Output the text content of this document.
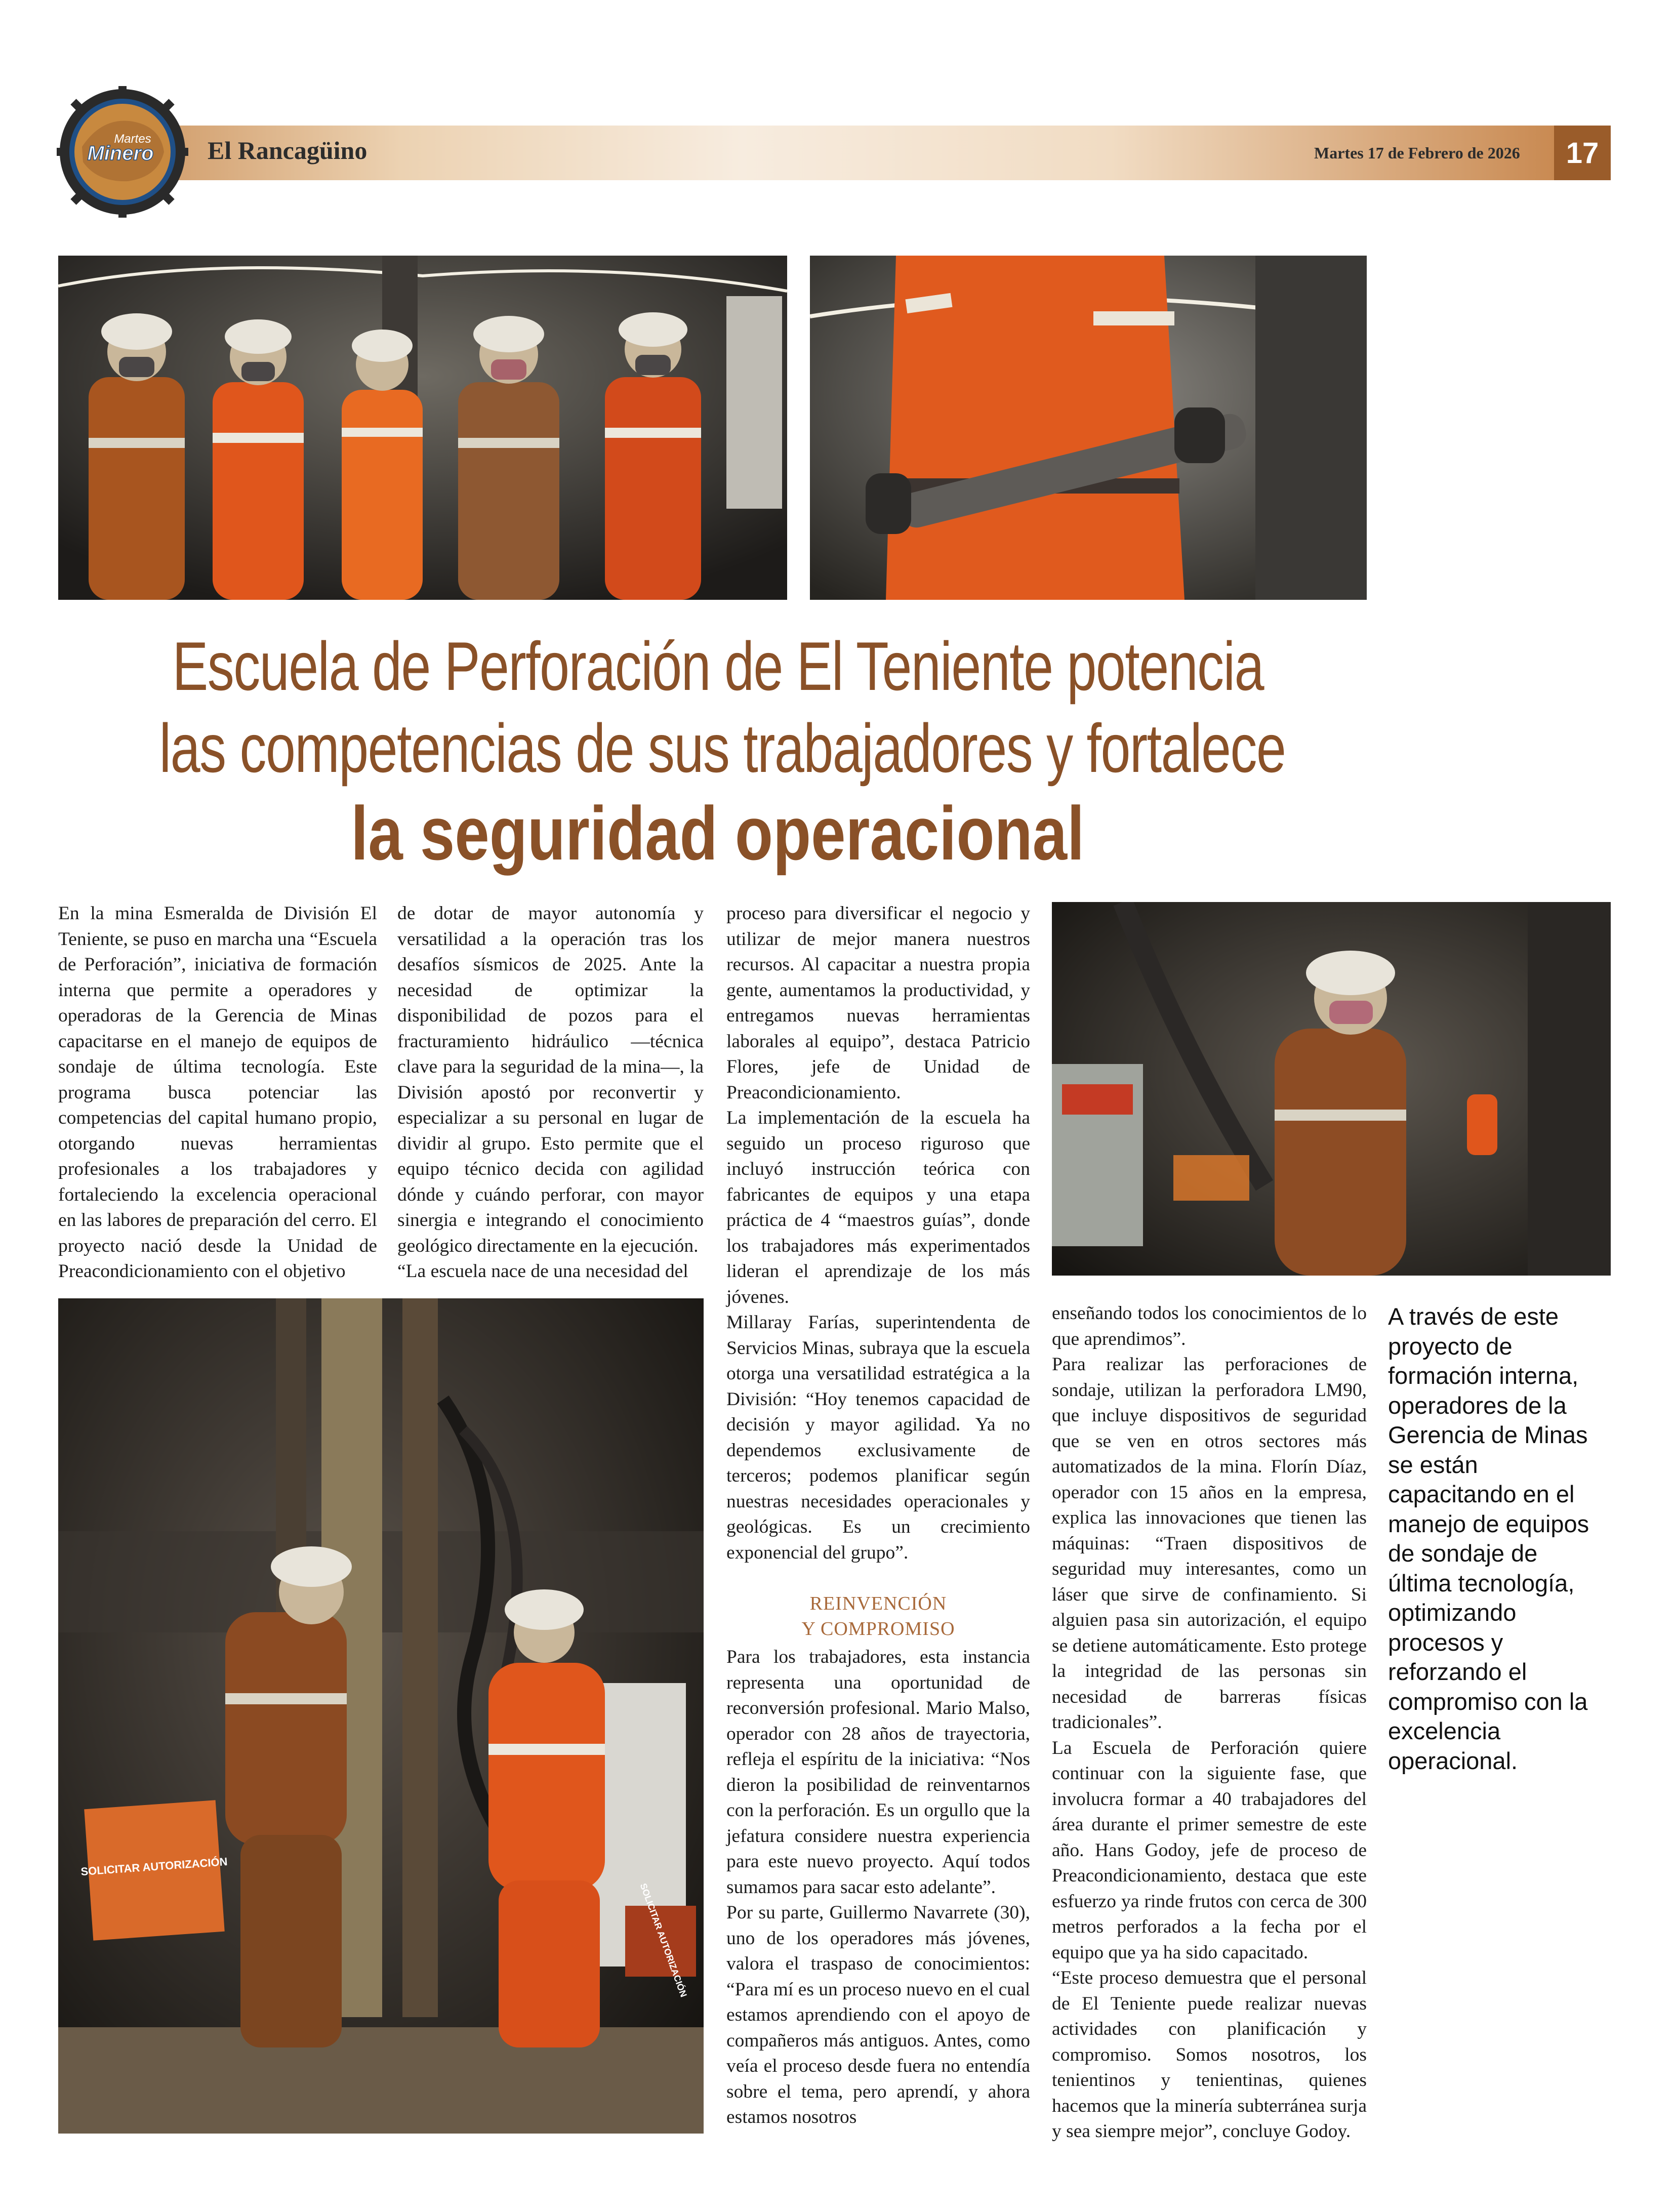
Martes
Minero El Rancagüino	Martes 17 de Febrero de 2026	17
Escuela de Perforación de El Teniente potencia
las competencias de sus trabajadores y fortalece
la seguridad operacional

En la mina Esmeralda de División El Teniente, se puso en marcha una “Escuela de Perforación”, iniciativa de formación interna que permite a operadores y operadoras de la Gerencia de Minas capacitarse en el manejo de equipos de sondaje de última tecnología. Este programa busca potenciar las competencias del capital humano propio, otorgando nuevas herramientas profesionales a los trabajadores y fortaleciendo la excelencia operacional en las labores de preparación del cerro. El proyecto nació desde la Unidad de Preacondicionamiento con el objetivo

de dotar de mayor autonomía y versatilidad a la operación tras los desafíos sísmicos de 2025. Ante la necesidad de optimizar la disponibilidad de pozos para el fracturamiento hidráulico —técnica clave para la seguridad de la mina—, la División apostó por reconvertir y especializar a su personal en lugar de dividir al grupo. Esto permite que el equipo técnico decida con agilidad dónde y cuándo perforar, con mayor sinergia e integrando el conocimiento geológico directamente en la ejecución.

“La escuela nace de una necesidad del

SOLICITAR AUTORIZACIÓN
SOLICITAR AUTORIZACIÓN

proceso para diversificar el negocio y utilizar de mejor manera nuestros recursos. Al capacitar a nuestra propia gente, aumentamos la productividad, y entregamos nuevas herramientas laborales al equipo”, destaca Patricio Flores, jefe de Unidad de Preacondicionamiento.

La implementación de la escuela ha seguido un proceso riguroso que incluyó instrucción teórica con fabricantes de equipos y una etapa práctica de 4 “maestros guías”, donde los trabajadores más experimentados lideran el aprendizaje de los más jóvenes.

Millaray Farías, superintendenta de Servicios Minas, subraya que la escuela otorga una versatilidad estratégica a la División: “Hoy tenemos capacidad de decisión y mayor agilidad. Ya no dependemos exclusivamente de terceros; podemos planificar según nuestras necesidades operacionales y geológicas. Es un crecimiento exponencial del grupo”.

REINVENCIÓN
Y COMPROMISO

Para los trabajadores, esta instancia representa una oportunidad de reconversión profesional. Mario Malso, operador con 28 años de trayectoria, refleja el espíritu de la iniciativa: “Nos dieron la posibilidad de reinventarnos con la perforación. Es un orgullo que la jefatura considere nuestra experiencia para este nuevo proyecto. Aquí todos sumamos para sacar esto adelante”.

Por su parte, Guillermo Navarrete (30), uno de los operadores más jóvenes, valora el traspaso de conocimientos: “Para mí es un proceso nuevo en el cual estamos aprendiendo con el apoyo de compañeros más antiguos. Antes, como veía el proceso desde fuera no entendía sobre el tema, pero aprendí, y ahora estamos nosotros

enseñando todos los conocimientos de lo que aprendimos”.

Para realizar las perforaciones de sondaje, utilizan la perforadora LM90, que incluye dispositivos de seguridad que se ven en otros sectores más automatizados de la mina. Florín Díaz, operador con 15 años en la empresa, explica las innovaciones que tienen las máquinas: “Traen dispositivos de seguridad muy interesantes, como un láser que sirve de confinamiento. Si alguien pasa sin autorización, el equipo se detiene automáticamente. Esto protege la integridad de las personas sin necesidad de barreras físicas tradicionales”.

La Escuela de Perforación quiere continuar con la siguiente fase, que involucra formar a 40 trabajadores del área durante el primer semestre de este año. Hans Godoy, jefe de proceso de Preacondicionamiento, destaca que este esfuerzo ya rinde frutos con cerca de 300 metros perforados a la fecha por el equipo que ya ha sido capacitado.

“Este proceso demuestra que el personal de El Teniente puede realizar nuevas actividades con planificación y compromiso. Somos nosotros, los tenientinos y tenientinas, quienes hacemos que la minería subterránea surja y sea siempre mejor”, concluye Godoy.

A través de este proyecto de formación interna, operadores de la Gerencia de Minas se están capacitando en el manejo de equipos de sondaje de última tecnología, optimizando procesos y reforzando el compromiso con la excelencia operacional.
